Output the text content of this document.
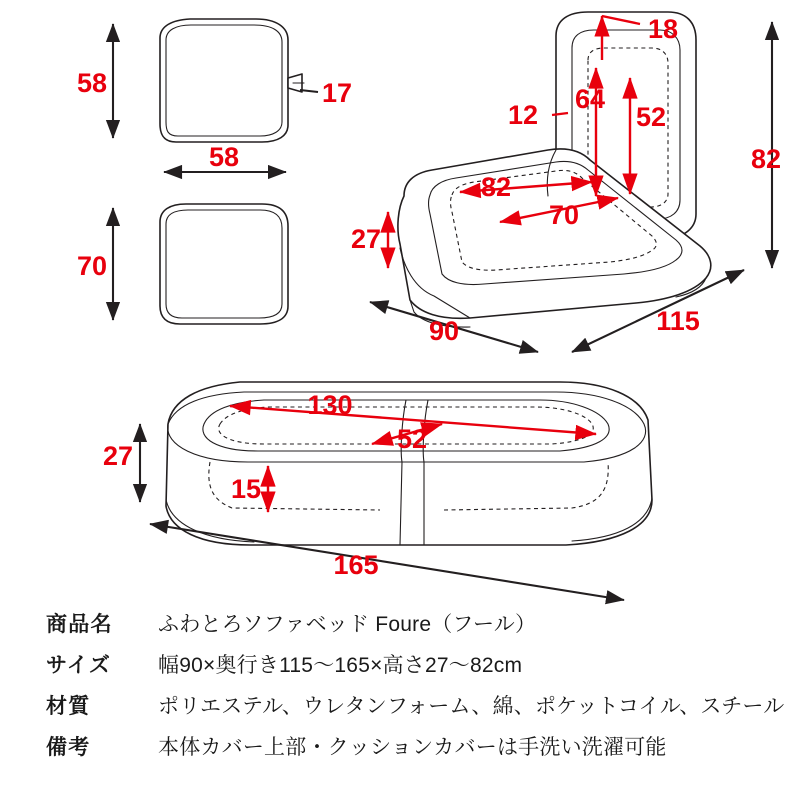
58
58
17
70
18
12
64
52
82
70
27
82
90	115
130
52
27
15
165
商品名	ふわとろソファベッド Foure（フール）
サイズ	幅90×奥行き115〜165×高さ27〜82cm
材質	ポリエステル、ウレタンフォーム、綿、ポケットコイル、スチール
備考	本体カバー上部・クッションカバーは手洗い洗濯可能
